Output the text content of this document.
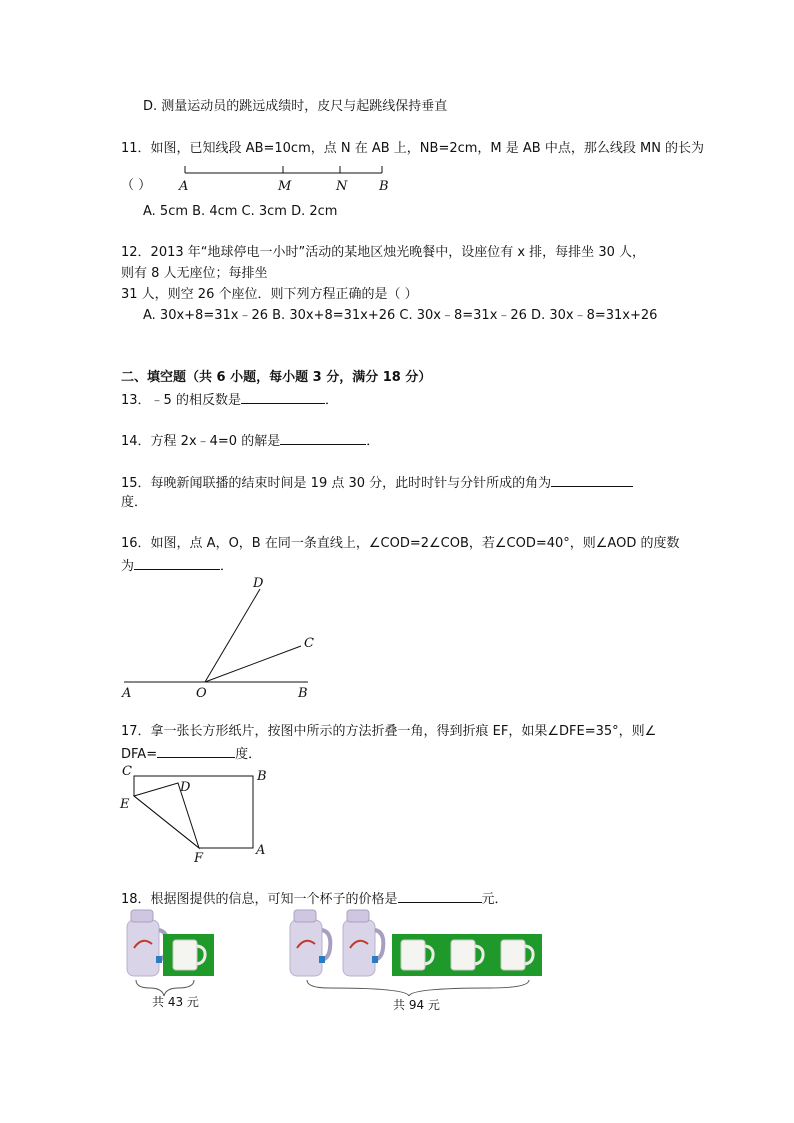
D. 测量运动员的跳远成绩时，皮尺与起跳线保持垂直
11．如图，已知线段 AB=10cm，点 N 在 AB 上，NB=2cm，M 是 AB 中点，那么线段 MN 的长为
A	M	N B
（ ）
A. 5cm B. 4cm C. 3cm D. 2cm
12．2013 年“地球停电一小时”活动的某地区烛光晚餐中，设座位有 x 排，每排坐 30 人，
则有 8 人无座位；每排坐
31 人，则空 26 个座位．则下列方程正确的是（ ）
A. 30x+8=31x﹣26 B. 30x+8=31x+26 C. 30x﹣8=31x﹣26 D. 30x﹣8=31x+26
二、填空题（共 6 小题，每小题 3 分，满分 18 分）
13．﹣5 的相反数是	．
14．方程 2x﹣4=0 的解是	．
15．每晚新闻联播的结束时间是 19 点 30 分，此时时针与分针所成的角为
度．
16．如图，点 A，O，B 在同一条直线上，∠COD=2∠COB，若∠COD=40°，则∠AOD 的度数
为	．
D
C
A	O	B
17．拿一张长方形纸片，按图中所示的方法折叠一角，得到折痕 EF，如果∠DFE=35°，则∠
DFA=	度．
C	B
D
E
F
A
18．根据图提供的信息，可知一个杯子的价格是	元．
共 43 元	共 94 元
